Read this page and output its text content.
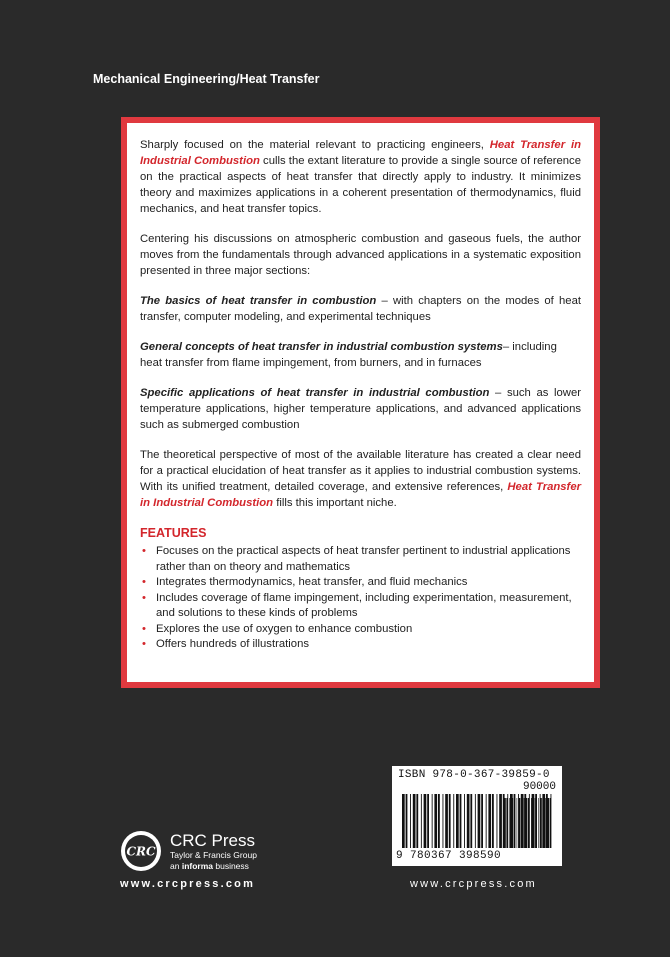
Mechanical Engineering/Heat Transfer

Sharply focused on the material relevant to practicing engineers, Heat Transfer in Industrial Combustion culls the extant literature to provide a single source of reference on the practical aspects of heat transfer that directly apply to industry. It minimizes theory and maximizes applications in a coherent presentation of thermodynamics, fluid mechanics, and heat transfer topics.

Centering his discussions on atmospheric combustion and gaseous fuels, the author moves from the fundamentals through advanced applications in a systematic exposition presented in three major sections:

The basics of heat transfer in combustion – with chapters on the modes of heat transfer, computer modeling, and experimental techniques

General concepts of heat transfer in industrial combustion systems– including heat transfer from flame impingement, from burners, and in furnaces

Specific applications of heat transfer in industrial combustion – such as lower temperature applications, higher temperature applications, and advanced applications such as submerged combustion

The theoretical perspective of most of the available literature has created a clear need for a practical elucidation of heat transfer as it applies to industrial combustion systems. With its unified treatment, detailed coverage, and extensive references, Heat Transfer in Industrial Combustion fills this important niche.

FEATURES
• Focuses on the practical aspects of heat transfer pertinent to industrial applications rather than on theory and mathematics
• Integrates thermodynamics, heat transfer, and fluid mechanics
• Includes coverage of flame impingement, including experimentation, measurement, and solutions to these kinds of problems
• Explores the use of oxygen to enhance combustion
• Offers hundreds of illustrations
CRC
CRC Press
Taylor & Francis Group
an informa business
www.crcpress.com
ISBN 978-0-367-39859-0
90000
9 780367 398590
www.crcpress.com
